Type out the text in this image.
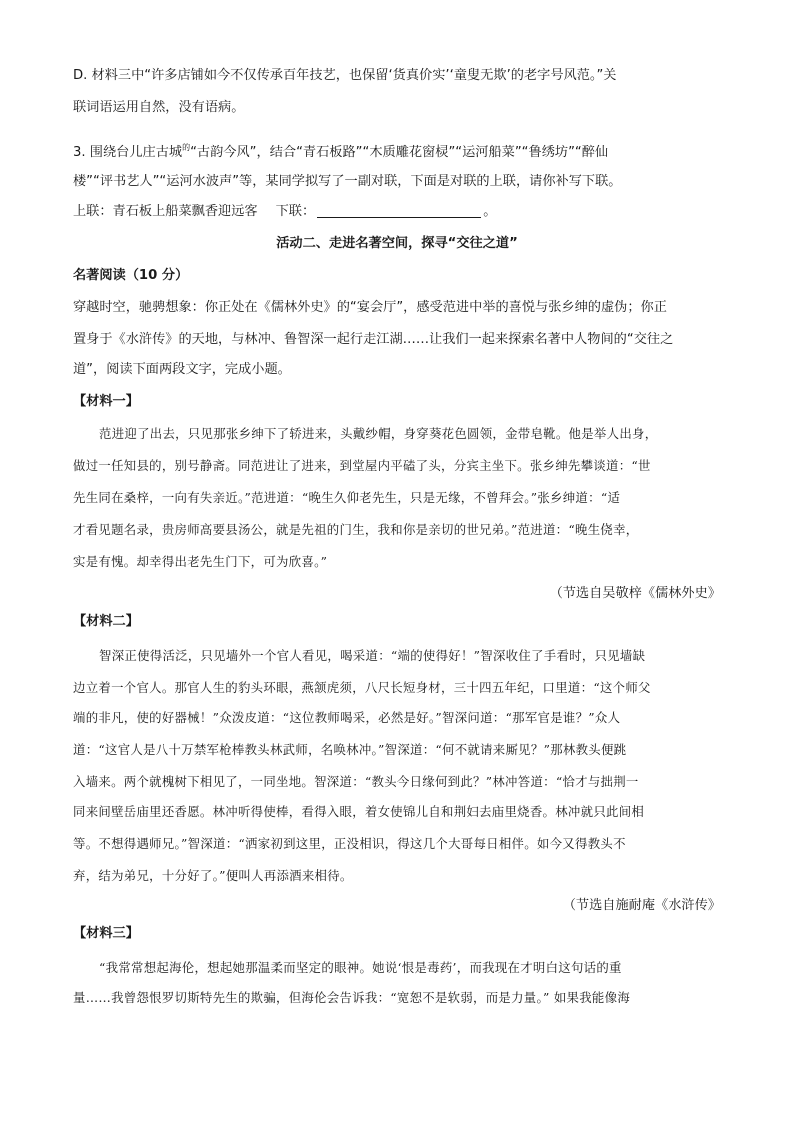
D. 材料三中“许多店铺如今不仅传承百年技艺，也保留‘货真价实’‘童叟无欺’的老字号风范。”关
联词语运用自然，没有语病。
3. 围绕台儿庄古城$^的$“古韵今风”，结合“青石板路”“木质雕花窗棂”“运河船菜”“鲁绣坊”“醉仙
楼”“评书艺人”“运河水波声”等，某同学拟写了一副对联，下面是对联的上联，请你补写下联。
上联：青石板上船菜飘香迎远客 下联：	。
活动二、走进名著空间，探寻“交往之道”
名著阅读（10 分）
穿越时空，驰骋想象：你正处在《儒林外史》的“宴会厅”，感受范进中举的喜悦与张乡绅的虚伪；你正
置身于《水浒传》的天地，与林冲、鲁智深一起行走江湖……让我们一起来探索名著中人物间的“交往之
道”，阅读下面两段文字，完成小题。
【材料一】
范进迎了出去，只见那张乡绅下了轿进来，头戴纱帽，身穿葵花色圆领，金带皂靴。他是举人出身，
做过一任知县的，别号静斋。同范进让了进来，到堂屋内平磕了头，分宾主坐下。张乡绅先攀谈道：“世
先生同在桑梓，一向有失亲近。”范进道：“晚生久仰老先生，只是无缘，不曾拜会。”张乡绅道：“适
才看见题名录，贵房师高要县汤公，就是先祖的门生，我和你是亲切的世兄弟。”范进道：“晚生侥幸，
实是有愧。却幸得出老先生门下，可为欣喜。”
（节选自吴敬梓《儒林外史》
【材料二】
智深正使得活泛，只见墙外一个官人看见，喝采道：“端的使得好！”智深收住了手看时，只见墙缺
边立着一个官人。那官人生的豹头环眼，燕颔虎须，八尺长短身材，三十四五年纪，口里道：“这个师父
端的非凡，使的好器械！”众泼皮道：“这位教师喝采，必然是好。”智深问道：“那军官是谁？”众人
道：“这官人是八十万禁军枪棒教头林武师，名唤林冲。”智深道：“何不就请来厮见？”那林教头便跳
入墙来。两个就槐树下相见了，一同坐地。智深道：“教头今日缘何到此？”林冲答道：“恰才与拙荆一
同来间壁岳庙里还香愿。林冲听得使棒，看得入眼，着女使锦儿自和荆妇去庙里烧香。林冲就只此间相
等。不想得遇师兄。”智深道：“洒家初到这里，正没相识，得这几个大哥每日相伴。如今又得教头不
弃，结为弟兄，十分好了。”便叫人再添酒来相待。
（节选自施耐庵《水浒传》
【材料三】
“我常常想起海伦，想起她那温柔而坚定的眼神。她说‘恨是毒药’，而我现在才明白这句话的重
量……我曾怨恨罗切斯特先生的欺骗，但海伦会告诉我：“宽恕不是软弱，而是力量。” 如果我能像海
